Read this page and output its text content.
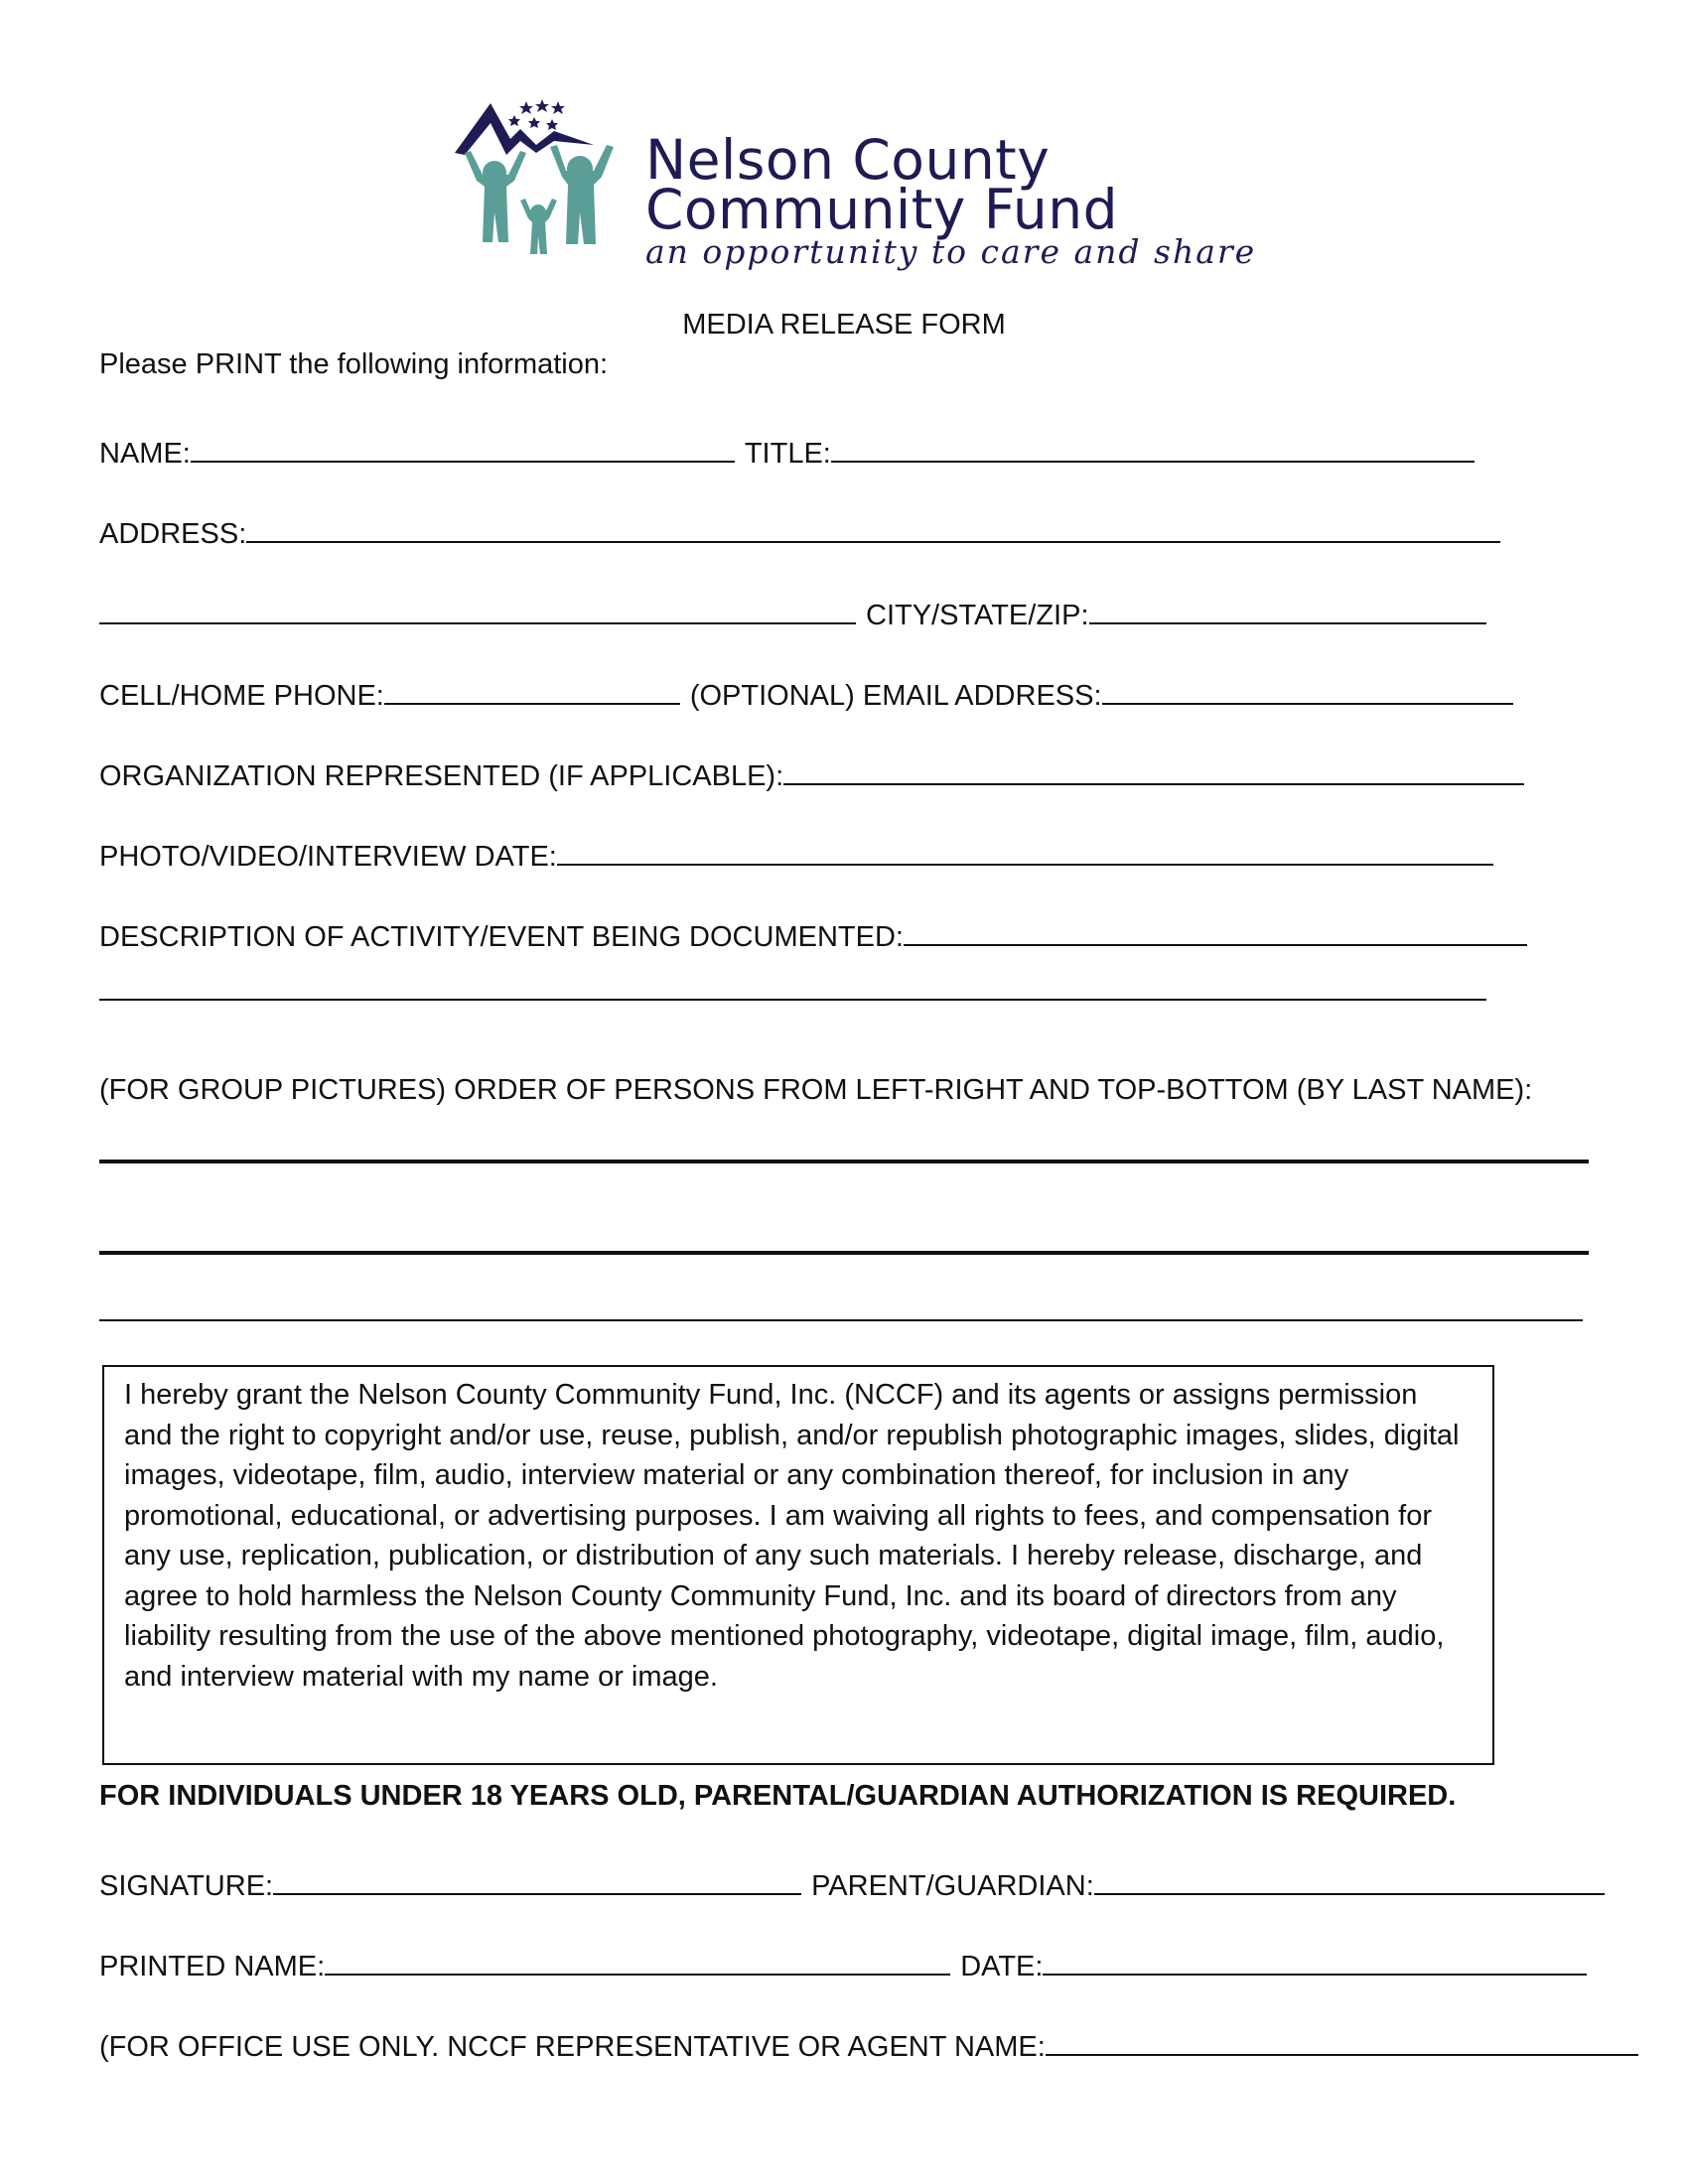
Nelson County
Community Fund
an opportunity to care and share
MEDIA RELEASE FORM
Please PRINT the following information:
NAME:	TITLE:
ADDRESS:
CITY/STATE/ZIP:
CELL/HOME PHONE:	(OPTIONAL) EMAIL ADDRESS:
ORGANIZATION REPRESENTED (IF APPLICABLE):
PHOTO/VIDEO/INTERVIEW DATE:
DESCRIPTION OF ACTIVITY/EVENT BEING DOCUMENTED:
(FOR GROUP PICTURES) ORDER OF PERSONS FROM LEFT-RIGHT AND TOP-BOTTOM (BY LAST NAME):
I hereby grant the Nelson County Community Fund, Inc. (NCCF) and its agents or assigns permission and the right to copyright and/or use, reuse, publish, and/or republish photographic images, slides, digital images, videotape, film, audio, interview material or any combination thereof, for inclusion in any promotional, educational, or advertising purposes. I am waiving all rights to fees, and compensation for any use, replication, publication, or distribution of any such materials. I hereby release, discharge, and agree to hold harmless the Nelson County Community Fund, Inc. and its board of directors from any liability resulting from the use of the above mentioned photography, videotape, digital image, film, audio, and interview material with my name or image.
FOR INDIVIDUALS UNDER 18 YEARS OLD, PARENTAL/GUARDIAN AUTHORIZATION IS REQUIRED.
SIGNATURE:	PARENT/GUARDIAN:
PRINTED NAME:	DATE:
(FOR OFFICE USE ONLY. NCCF REPRESENTATIVE OR AGENT NAME:
